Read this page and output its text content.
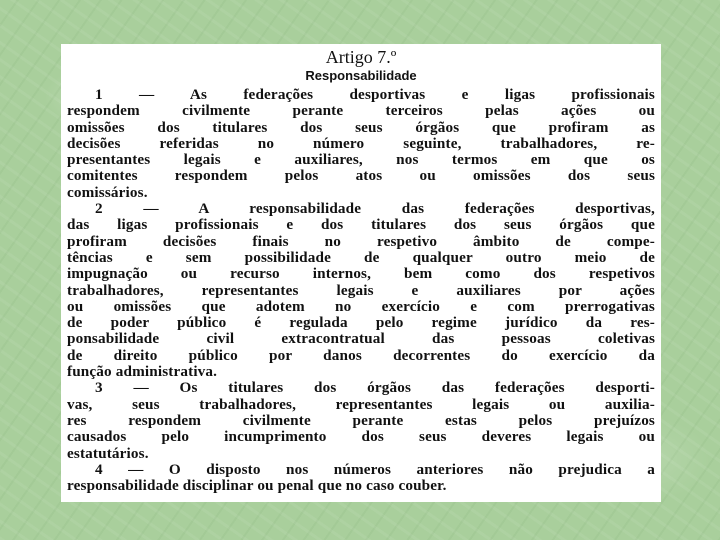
Artigo 7.º
Responsabilidade
1 — As federações desportivas e ligas profissionais
respondem civilmente perante terceiros pelas ações ou
omissões dos titulares dos seus órgãos que profiram as
decisões referidas no número seguinte, trabalhadores, re-
presentantes legais e auxiliares, nos termos em que os
comitentes respondem pelos atos ou omissões dos seus
comissários.
2 — A responsabilidade das federações desportivas,
das ligas profissionais e dos titulares dos seus órgãos que
profiram decisões finais no respetivo âmbito de compe-
tências e sem possibilidade de qualquer outro meio de
impugnação ou recurso internos, bem como dos respetivos
trabalhadores, representantes legais e auxiliares por ações
ou omissões que adotem no exercício e com prerrogativas
de poder público é regulada pelo regime jurídico da res-
ponsabilidade civil extracontratual das pessoas coletivas
de direito público por danos decorrentes do exercício da
função administrativa.
3 — Os titulares dos órgãos das federações desporti-
vas, seus trabalhadores, representantes legais ou auxilia-
res respondem civilmente perante estas pelos prejuízos
causados pelo incumprimento dos seus deveres legais ou
estatutários.
4 — O disposto nos números anteriores não prejudica a
responsabilidade disciplinar ou penal que no caso couber.
